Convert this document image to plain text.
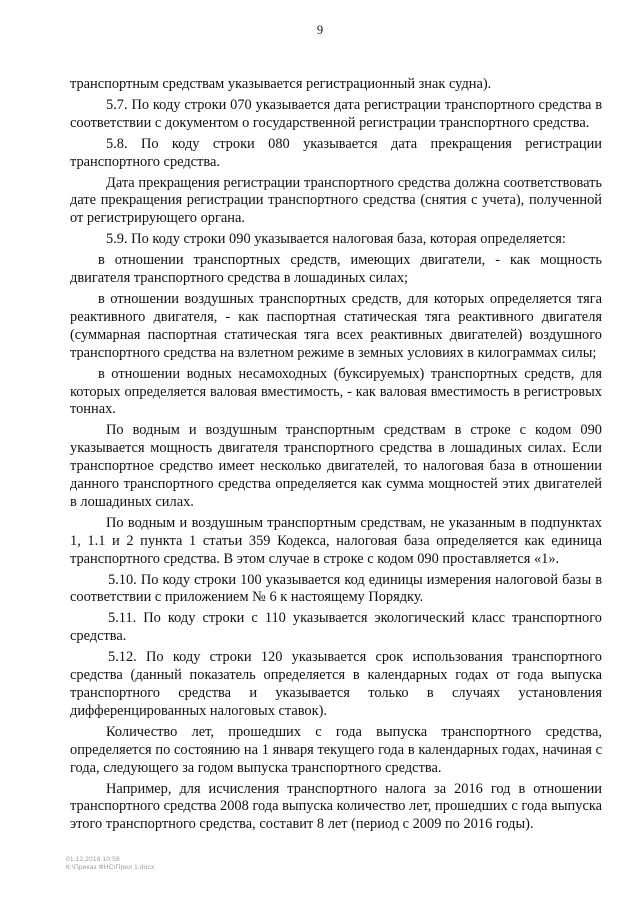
9

транспортным средствам указывается регистрационный знак судна).

5.7. По коду строки 070 указывается дата регистрации транспортного средства в соответствии с документом о государственной регистрации транспортного средства.

5.8. По коду строки 080 указывается дата прекращения регистрации транспортного средства.

Дата прекращения регистрации транспортного средства должна соответствовать дате прекращения регистрации транспортного средства (снятия с учета), полученной от регистрирующего органа.

5.9. По коду строки 090 указывается налоговая база, которая определяется:

в отношении транспортных средств, имеющих двигатели, - как мощность двигателя транспортного средства в лошадиных силах;

в отношении воздушных транспортных средств, для которых определяется тяга реактивного двигателя, - как паспортная статическая тяга реактивного двигателя (суммарная паспортная статическая тяга всех реактивных двигателей) воздушного транспортного средства на взлетном режиме в земных условиях в килограммах силы;

в отношении водных несамоходных (буксируемых) транспортных средств, для которых определяется валовая вместимость, - как валовая вместимость в регистровых тоннах.

По водным и воздушным транспортным средствам в строке с кодом 090 указывается мощность двигателя транспортного средства в лошадиных силах. Если транспортное средство имеет несколько двигателей, то налоговая база в отношении данного транспортного средства определяется как сумма мощностей этих двигателей в лошадиных силах.

По водным и воздушным транспортным средствам, не указанным в подпунктах 1, 1.1 и 2 пункта 1 статьи 359 Кодекса, налоговая база определяется как единица транспортного средства. В этом случае в строке с кодом 090 проставляется «1».

5.10. По коду строки 100 указывается код единицы измерения налоговой базы в соответствии с приложением № 6 к настоящему Порядку.

5.11. По коду строки с 110 указывается экологический класс транспортного средства.

5.12. По коду строки 120 указывается срок использования транспортного средства (данный показатель определяется в календарных годах от года выпуска транспортного средства и указывается только в случаях установления дифференцированных налоговых ставок).

Количество лет, прошедших с года выпуска транспортного средства, определяется по состоянию на 1 января текущего года в календарных годах, начиная с года, следующего за годом выпуска транспортного средства.

Например, для исчисления транспортного налога за 2016 год в отношении транспортного средства 2008 года выпуска количество лет, прошедших с года выпуска этого транспортного средства, составит 8 лет (период с 2009 по 2016 годы).

01.12.2016 10:58
К:\Приказ ФНС\Прил 1.docx
